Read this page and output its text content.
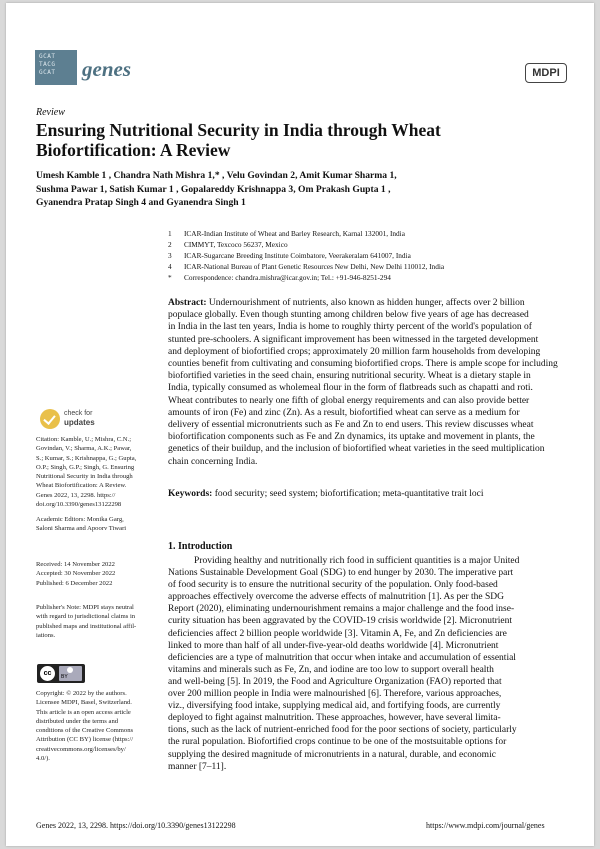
GCAT TACG GCAT	genes	MDPI
Review
Ensuring Nutritional Security in India through Wheat Biofortification: A Review
Umesh Kamble 1 , Chandra Nath Mishra 1,* , Velu Govindan 2, Amit Kumar Sharma 1,
Sushma Pawar 1, Satish Kumar 1 , Gopalareddy Krishnappa 3, Om Prakash Gupta 1 ,
Gyanendra Pratap Singh 4 and Gyanendra Singh 1
1 ICAR-Indian Institute of Wheat and Barley Research, Karnal 132001, India
2 CIMMYT, Texcoco 56237, Mexico
3 ICAR-Sugarcane Breeding Institute Coimbatore, Veerakeralam 641007, India
4 ICAR-National Bureau of Plant Genetic Resources New Delhi, New Delhi 110012, India
* Correspondence: chandra.mishra@icar.gov.in; Tel.: +91-946-8251-294
Abstract: Undernourishment of nutrients, also known as hidden hunger, affects over 2 billion
populace globally. Even though stunting among children below five years of age has decreased
in India in the last ten years, India is home to roughly thirty percent of the world's population of
stunted pre-schoolers. A significant improvement has been witnessed in the targeted development
and deployment of biofortified crops; approximately 20 million farm households from developing
counties benefit from cultivating and consuming biofortified crops. There is ample scope for including
biofortified varieties in the seed chain, ensuring nutritional security. Wheat is a dietary staple in
India, typically consumed as wholemeal flour in the form of flatbreads such as chapatti and roti.
Wheat contributes to nearly one fifth of global energy requirements and can also provide better
amounts of iron (Fe) and zinc (Zn). As a result, biofortified wheat can serve as a medium for
delivery of essential micronutrients such as Fe and Zn to end users. This review discusses wheat
biofortification components such as Fe and Zn dynamics, its uptake and movement in plants, the
genetics of their buildup, and the inclusion of biofortified wheat varieties in the seed multiplication
chain concerning India.
Keywords: food security; seed system; biofortification; meta-quantitative trait loci
1. Introduction
Providing healthy and nutritionally rich food in sufficient quantities is a major United
Nations Sustainable Development Goal (SDG) to end hunger by 2030. The imperative part
of food security is to ensure the nutritional security of the population. Only food-based
approaches effectively overcome the adverse effects of malnutrition [1]. As per the SDG
Report (2020), eliminating undernourishment remains a major challenge and the food inse-
curity situation has been aggravated by the COVID-19 crisis worldwide [2]. Micronutrient
deficiencies affect 2 billion people worldwide [3]. Vitamin A, Fe, and Zn deficiencies are
linked to more than half of all under-five-year-old deaths worldwide [4]. Micronutrient
deficiencies are a type of malnutrition that occur when intake and accumulation of essential
vitamins and minerals such as Fe, Zn, and iodine are too low to support overall health
and well-being [5]. In 2019, the Food and Agriculture Organization (FAO) reported that
over 200 million people in India were malnourished [6]. Therefore, various approaches,
viz., diversifying food intake, supplying medical aid, and fortifying foods, are currently
deployed to fight against malnutrition. These approaches, however, have several limita-
tions, such as the lack of nutrient-enriched food for the poor sections of society, particularly
the rural population. Biofortified crops continue to be one of the mostsuitable options for
supplying the desired magnitude of micronutrients in a natural, durable, and economic
manner [7–11].
check for
updates
Citation: Kamble, U.; Mishra, C.N.;
Govindan, V.; Sharma, A.K.; Pawar,
S.; Kumar, S.; Krishnappa, G.; Gupta,
O.P.; Singh, G.P.; Singh, G. Ensuring
Nutritional Security in India through
Wheat Biofortification: A Review.
Genes 2022, 13, 2298. https://
doi.org/10.3390/genes13122298
Academic Editors: Monika Garg,
Saloni Sharma and Apoorv Tiwari
Received: 14 November 2022
Accepted: 30 November 2022
Published: 6 December 2022
Publisher's Note: MDPI stays neutral
with regard to jurisdictional claims in
published maps and institutional affil-
iations.
cc	BY
Copyright: © 2022 by the authors.
Licensee MDPI, Basel, Switzerland.
This article is an open access article
distributed under the terms and
conditions of the Creative Commons
Attribution (CC BY) license (https://
creativecommons.org/licenses/by/
4.0/).
Genes 2022, 13, 2298. https://doi.org/10.3390/genes13122298	https://www.mdpi.com/journal/genes
